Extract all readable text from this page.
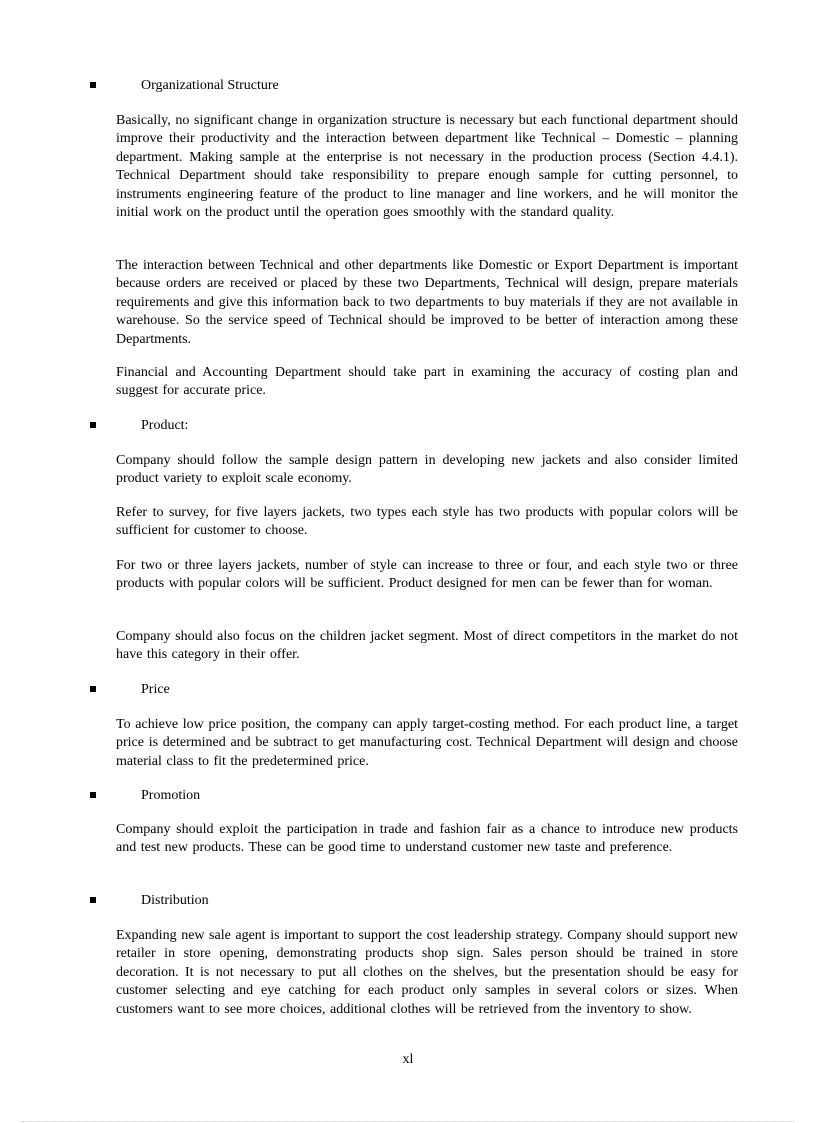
Organizational Structure

Basically, no significant change in organization structure is necessary but each functional department should improve their productivity and the interaction between department like Technical – Domestic – planning department. Making sample at the enterprise is not necessary in the production process (Section 4.4.1). Technical Department should take responsibility to prepare enough sample for cutting personnel, to instruments engineering feature of the product to line manager and line workers, and he will monitor the initial work on the product until the operation goes smoothly with the standard quality.

The interaction between Technical and other departments like Domestic or Export Department is important because orders are received or placed by these two Departments, Technical will design, prepare materials requirements and give this information back to two departments to buy materials if they are not available in warehouse. So the service speed of Technical should be improved to be better of interaction among these Departments.

Financial and Accounting Department should take part in examining the accuracy of costing plan and suggest for accurate price.

Product:

Company should follow the sample design pattern in developing new jackets and also consider limited product variety to exploit scale economy.

Refer to survey, for five layers jackets, two types each style has two products with popular colors will be sufficient for customer to choose.

For two or three layers jackets, number of style can increase to three or four, and each style two or three products with popular colors will be sufficient. Product designed for men can be fewer than for woman.

Company should also focus on the children jacket segment. Most of direct competitors in the market do not have this category in their offer.

Price

To achieve low price position, the company can apply target-costing method. For each product line, a target price is determined and be subtract to get manufacturing cost. Technical Department will design and choose material class to fit the predetermined price.

Promotion

Company should exploit the participation in trade and fashion fair as a chance to introduce new products and test new products. These can be good time to understand customer new taste and preference.

Distribution

Expanding new sale agent is important to support the cost leadership strategy. Company should support new retailer in store opening, demonstrating products shop sign. Sales person should be trained in store decoration. It is not necessary to put all clothes on the shelves, but the presentation should be easy for customer selecting and eye catching for each product only samples in several colors or sizes. When customers want to see more choices, additional clothes will be retrieved from the inventory to show.

xl
